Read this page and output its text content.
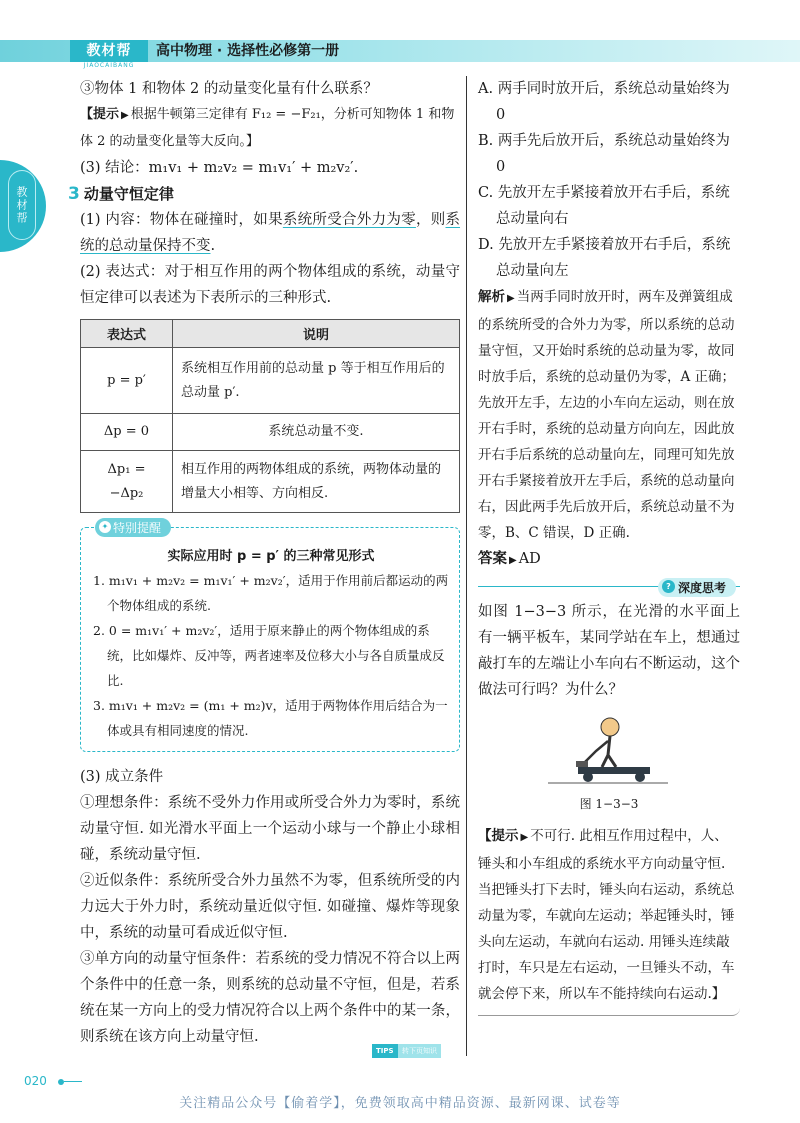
教材帮
JIAOCAIBANG
高中物理 · 选择性必修第一册
教材帮
③物体 1 和物体 2 的动量变化量有什么联系？
【提示 ▶ 根据牛顿第三定律有 F₁₂ = −F₂₁，分析可知物体 1 和物体 2 的动量变化量等大反向。】
(3) 结论：m₁v₁ + m₂v₂ = m₁v₁′ + m₂v₂′.
3 动量守恒定律
(1) 内容：物体在碰撞时，如果系统所受合外力为零，则系统的总动量保持不变.
(2) 表达式：对于相互作用的两个物体组成的系统，动量守恒定律可以表述为下表所示的三种形式.
表达式	说明
p = p′	系统相互作用前的总动量 p 等于相互作用后的总动量 p′.
Δp = 0	系统总动量不变.
Δp₁ = −Δp₂	相互作用的两物体组成的系统，两物体动量的增量大小相等、方向相反.
✦ 特别提醒
实际应用时 p = p′ 的三种常见形式
1. m₁v₁ + m₂v₂ = m₁v₁′ + m₂v₂′，适用于作用前后都运动的两个物体组成的系统.
2. 0 = m₁v₁′ + m₂v₂′，适用于原来静止的两个物体组成的系统，比如爆炸、反冲等，两者速率及位移大小与各自质量成反比.
3. m₁v₁ + m₂v₂ = (m₁ + m₂)v，适用于两物体作用后结合为一体或具有相同速度的情况.
(3) 成立条件
①理想条件：系统不受外力作用或所受合外力为零时，系统动量守恒. 如光滑水平面上一个运动小球与一个静止小球相碰，系统动量守恒.
②近似条件：系统所受合外力虽然不为零，但系统所受的内力远大于外力时，系统动量近似守恒. 如碰撞、爆炸等现象中，系统的动量可看成近似守恒.
③单方向的动量守恒条件：若系统的受力情况不符合以上两个条件中的任意一条，则系统的总动量不守恒，但是，若系统在某一方向上的受力情况符合以上两个条件中的某一条，则系统在该方向上动量守恒.
A. 两手同时放开后，系统总动量始终为 0
B. 两手先后放开后，系统总动量始终为 0
C. 先放开左手紧接着放开右手后，系统总动量向右
D. 先放开左手紧接着放开右手后，系统总动量向左
解析 ▶ 当两手同时放开时，两车及弹簧组成的系统所受的合外力为零，所以系统的总动量守恒，又开始时系统的总动量为零，故同时放手后，系统的总动量仍为零，A 正确；先放开左手，左边的小车向左运动，则在放开右手时，系统的总动量方向向左，因此放开右手后系统的总动量向左，同理可知先放开右手紧接着放开左手后，系统的总动量向右，因此两手先后放开后，系统总动量不为零，B、C 错误，D 正确.
答案 ▶ AD
? 深度思考
如图 1−3−3 所示，在光滑的水平面上有一辆平板车，某同学站在车上，想通过敲打车的左端让小车向右不断运动，这个做法可行吗？为什么？
图 1−3−3
【提示 ▶ 不可行. 此相互作用过程中，人、锤头和小车组成的系统水平方向动量守恒. 当把锤头打下去时，锤头向右运动，系统总动量为零，车就向左运动；举起锤头时，锤头向左运动，车就向右运动. 用锤头连续敲打时，车只是左右运动，一旦锤头不动，车就会停下来，所以车不能持续向右运动.】
TIPS	转下页知识
020
关注精品公众号【偷着学】，免费领取高中精品资源、最新网课、试卷等
